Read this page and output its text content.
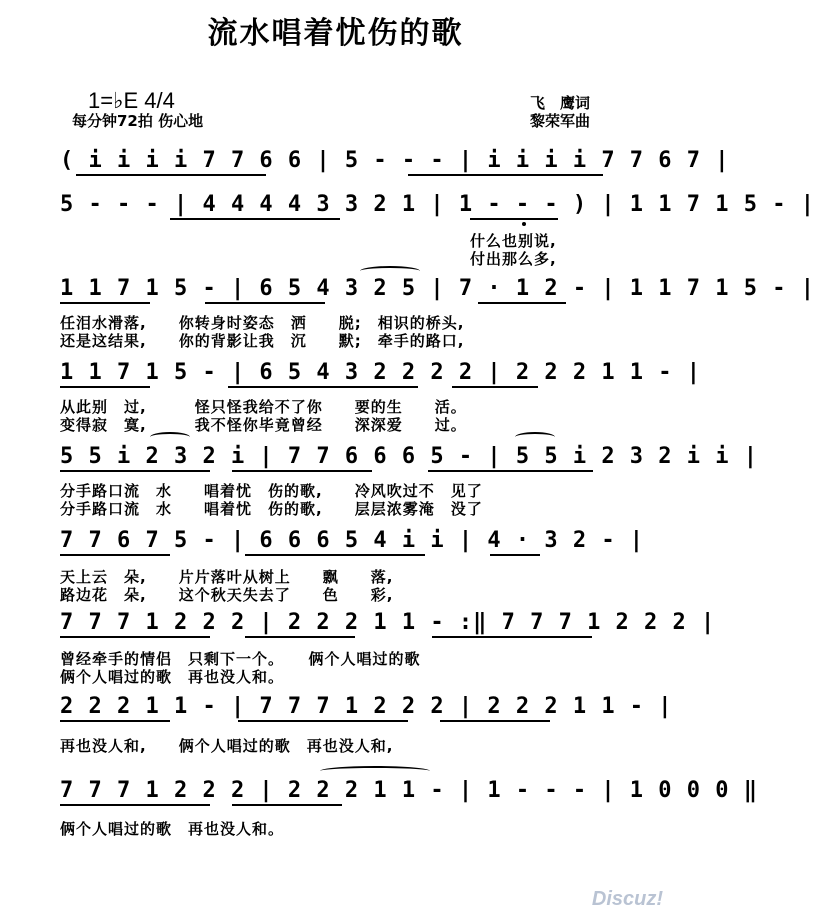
流水唱着忧伤的歌
1=♭E 4/4
每分钟72拍 伤心地
飞　鹰词
黎荣军曲
( i i i i 7 7 6 6 | 5 - - - | i i i i 7 7 6 7 |
5 - - - | 4 4 4 4 3 3 2 1 | 1 - - - ) | 1 1 7 1 5 - |
什么也别说,
付出那么多,
1 1 7 1 5 - | 6 5 4 3 2 5 | 7 · 1 2 - | 1 1 7 1 5 - |
任泪水滑落,　　你转身时姿态　洒　　脱;　相识的桥头,
还是这结果,　　你的背影让我　沉　　默;　牵手的路口,
1 1 7 1 5 - | 6 5 4 3 2 2 2 2 | 2 2 2 1 1 - |
从此别　过,　　　怪只怪我给不了你　　要的生　　活。
变得寂　寞,　　　我不怪你毕竟曾经　　深深爱　　过。
5 5 i 2 3 2 i | 7 7 6 6 6 5 - | 5 5 i 2 3 2 i i |
分手路口流　水　　唱着忧　伤的歌,　　冷风吹过不　见了
分手路口流　水　　唱着忧　伤的歌,　　层层浓雾淹　没了
7 7 6 7 5 - | 6 6 6 5 4 i i | 4 · 3 2 - |
天上云　朵,　　片片落叶从树上　　飘　　落,
路边花　朵,　　这个秋天失去了　　色　　彩,
7 7 7 1 2 2 2 | 2 2 2 1 1 - :‖ 7 7 7 1 2 2 2 |
曾经牵手的情侣　只剩下一个。　　俩个人唱过的歌
俩个人唱过的歌　再也没人和。
2 2 2 1 1 - | 7 7 7 1 2 2 2 | 2 2 2 1 1 - |
再也没人和,　　俩个人唱过的歌　再也没人和,
7 7 7 1 2 2 2 | 2 2 2 1 1 - | 1 - - - | 1 0 0 0 ‖
俩个人唱过的歌　再也没人和。
Discuz!
